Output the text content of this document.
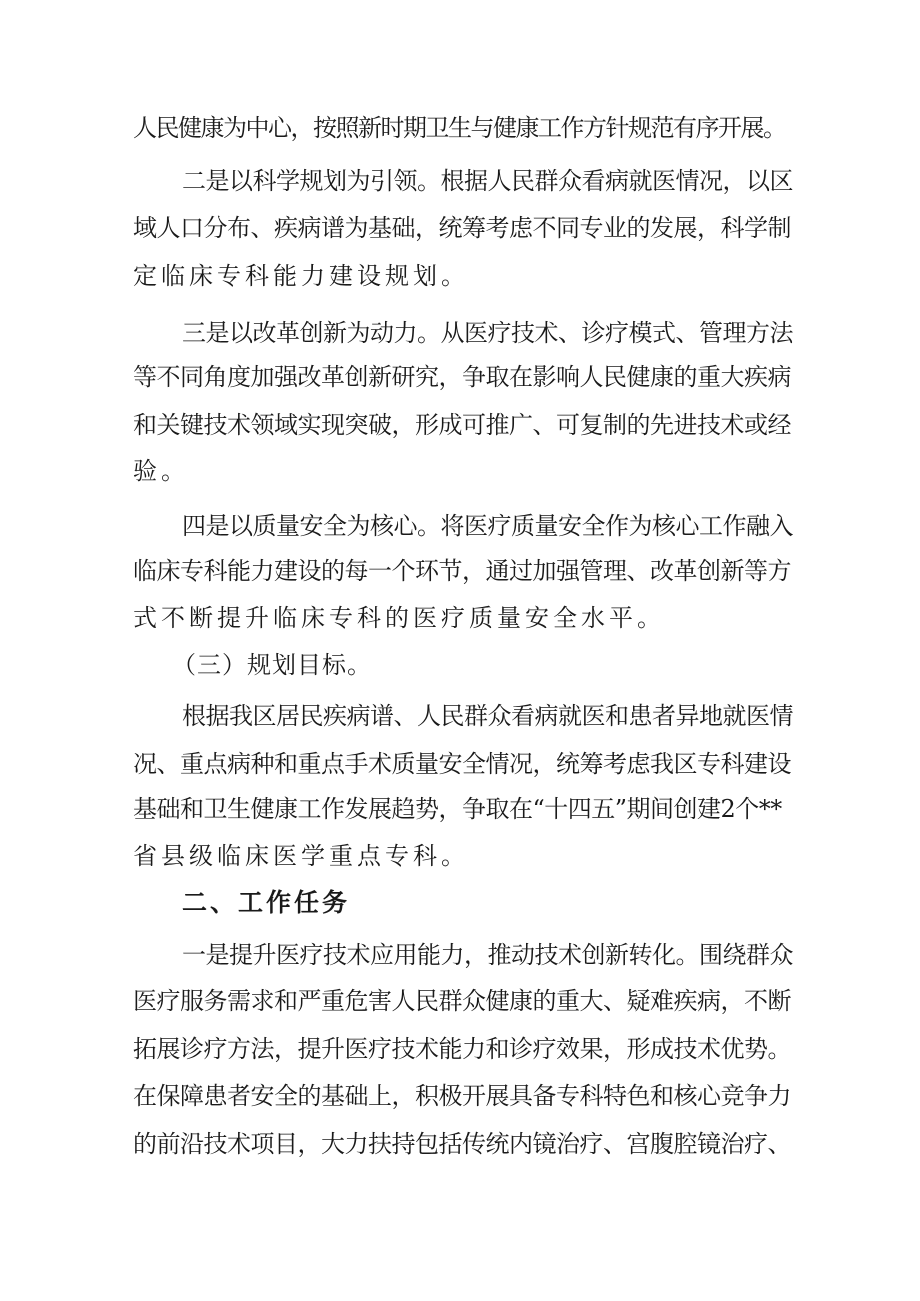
人民健康为中心，按照新时期卫生与健康工作方针规范有序开展。
二是以科学规划为引领。根据人民群众看病就医情况，以区
域人口分布、疾病谱为基础，统筹考虑不同专业的发展，科学制
定临床专科能力建设规划。
三是以改革创新为动力。从医疗技术、诊疗模式、管理方法
等不同角度加强改革创新研究，争取在影响人民健康的重大疾病
和关键技术领域实现突破，形成可推广、可复制的先进技术或经
验。
四是以质量安全为核心。将医疗质量安全作为核心工作融入
临床专科能力建设的每一个环节，通过加强管理、改革创新等方
式不断提升临床专科的医疗质量安全水平。
（三）规划目标。
根据我区居民疾病谱、人民群众看病就医和患者异地就医情
况、重点病种和重点手术质量安全情况，统筹考虑我区专科建设
基础和卫生健康工作发展趋势，争取在“十四五”期间创建2个**
省县级临床医学重点专科。
二、工作任务
一是提升医疗技术应用能力，推动技术创新转化。围绕群众
医疗服务需求和严重危害人民群众健康的重大、疑难疾病，不断
拓展诊疗方法，提升医疗技术能力和诊疗效果，形成技术优势。
在保障患者安全的基础上，积极开展具备专科特色和核心竞争力
的前沿技术项目，大力扶持包括传统内镜治疗、宫腹腔镜治疗、
